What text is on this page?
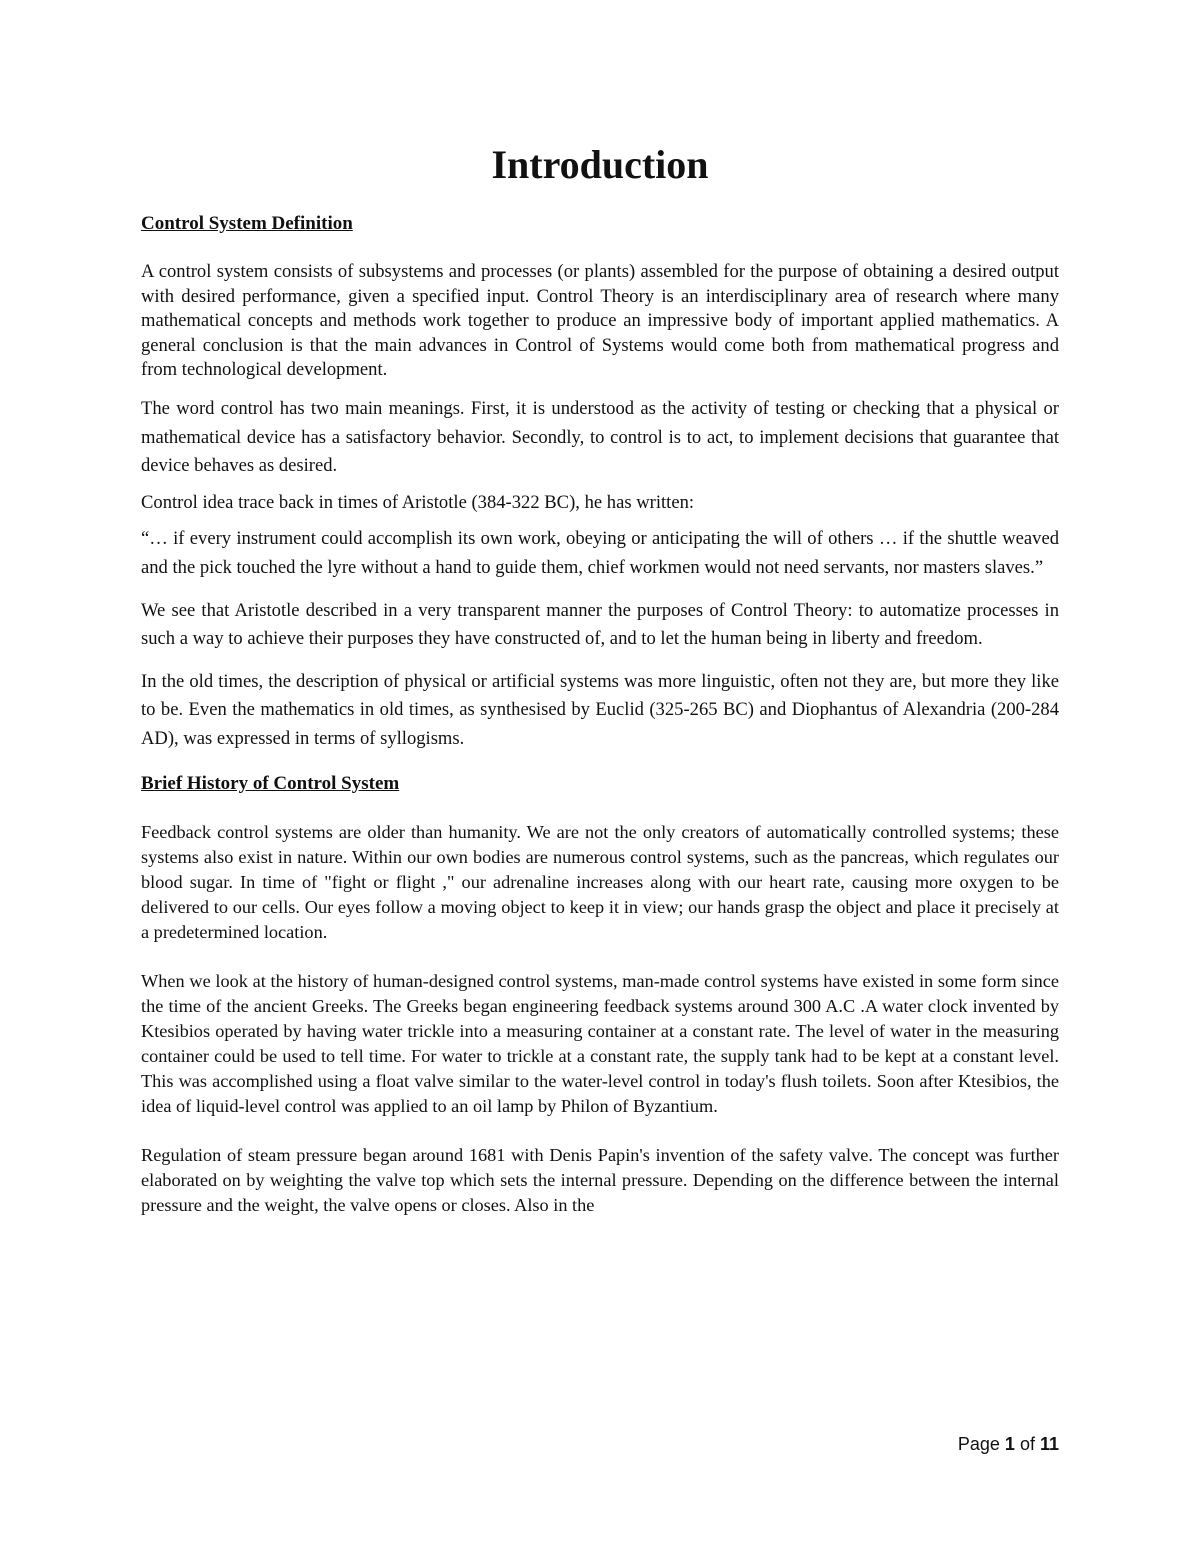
Introduction
Control System Definition

A control system consists of subsystems and processes (or plants) assembled for the purpose of obtaining a desired output with desired performance, given a specified input. Control Theory is an interdisciplinary area of research where many mathematical concepts and methods work together to produce an impressive body of important applied mathematics. A general conclusion is that the main advances in Control of Systems would come both from mathematical progress and from technological development.

The word control has two main meanings. First, it is understood as the activity of testing or checking that a physical or mathematical device has a satisfactory behavior. Secondly, to control is to act, to implement decisions that guarantee that device behaves as desired.

Control idea trace back in times of Aristotle (384-322 BC), he has written:

“… if every instrument could accomplish its own work, obeying or anticipating the will of others … if the shuttle weaved and the pick touched the lyre without a hand to guide them, chief workmen would not need servants, nor masters slaves.”

We see that Aristotle described in a very transparent manner the purposes of Control Theory: to automatize processes in such a way to achieve their purposes they have constructed of, and to let the human being in liberty and freedom.

In the old times, the description of physical or artificial systems was more linguistic, often not they are, but more they like to be. Even the mathematics in old times, as synthesised by Euclid (325-265 BC) and Diophantus of Alexandria (200-284 AD), was expressed in terms of syllogisms.

Brief History of Control System

Feedback control systems are older than humanity. We are not the only creators of automatically controlled systems; these systems also exist in nature. Within our own bodies are numerous control systems, such as the pancreas, which regulates our blood sugar. In time of "fight or flight ," our adrenaline increases along with our heart rate, causing more oxygen to be delivered to our cells. Our eyes follow a moving object to keep it in view; our hands grasp the object and place it precisely at a predetermined location.

When we look at the history of human-designed control systems, man-made control systems have existed in some form since the time of the ancient Greeks. The Greeks began engineering feedback systems around 300 A.C .A water clock invented by Ktesibios operated by having water trickle into a measuring container at a constant rate. The level of water in the measuring container could be used to tell time. For water to trickle at a constant rate, the supply tank had to be kept at a constant level. This was accomplished using a float valve similar to the water-level control in today's flush toilets. Soon after Ktesibios, the idea of liquid-level control was applied to an oil lamp by Philon of Byzantium.

Regulation of steam pressure began around 1681 with Denis Papin's invention of the safety valve. The concept was further elaborated on by weighting the valve top which sets the internal pressure. Depending on the difference between the internal pressure and the weight, the valve opens or closes. Also in the

Page 1 of 11
